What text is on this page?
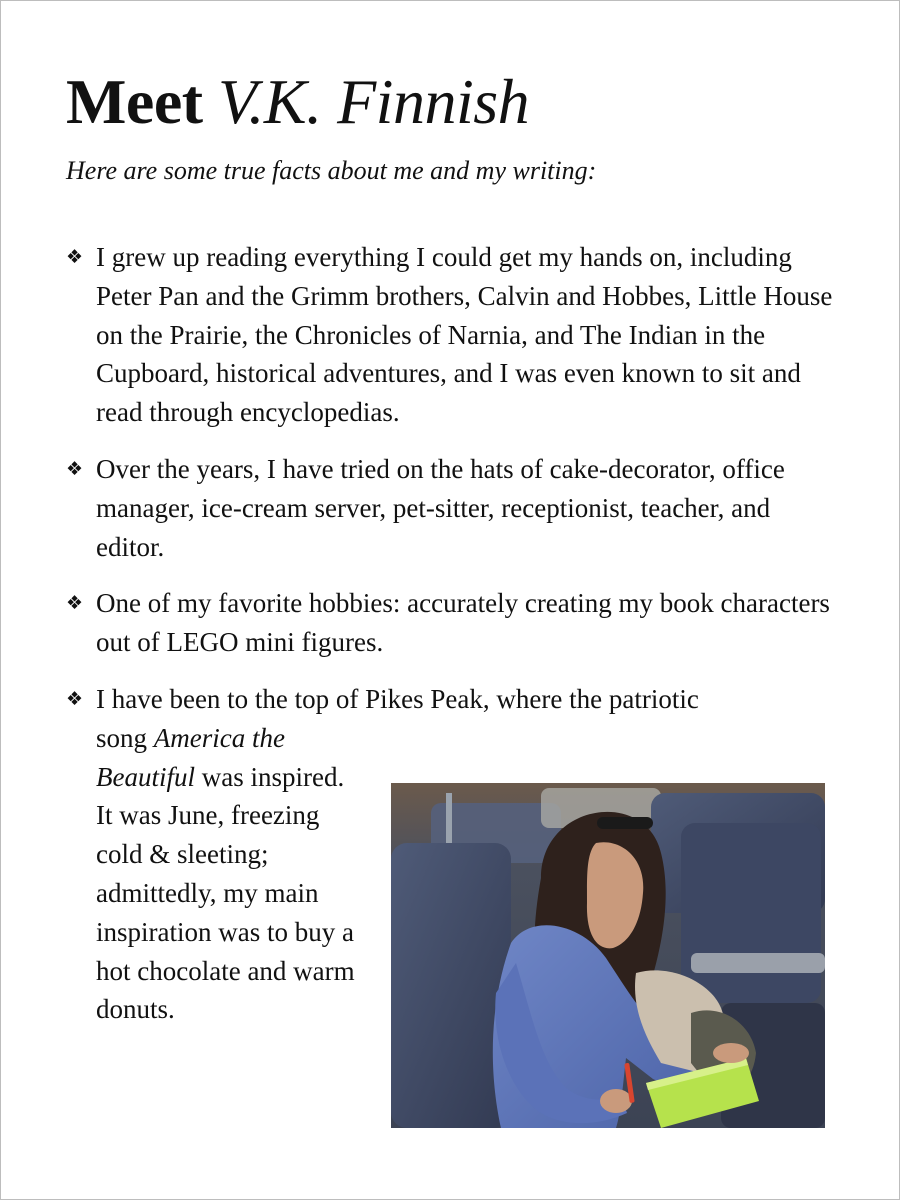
Meet V.K. Finnish
Here are some true facts about me and my writing:
❖ I grew up reading everything I could get my hands on, including Peter Pan and the Grimm brothers, Calvin and Hobbes, Little House on the Prairie, the Chronicles of Narnia, and The Indian in the Cupboard, historical adventures, and I was even known to sit and read through encyclopedias.
❖ Over the years, I have tried on the hats of cake-decorator, office manager, ice-cream server, pet-sitter, receptionist, teacher, and editor.
❖ One of my favorite hobbies: accurately creating my book characters out of LEGO mini figures.
❖ I have been to the top of Pikes Peak, where the patriotic
song America the Beautiful was inspired. It was June, freezing cold & sleeting; admittedly, my main inspiration was to buy a hot chocolate and warm donuts.
